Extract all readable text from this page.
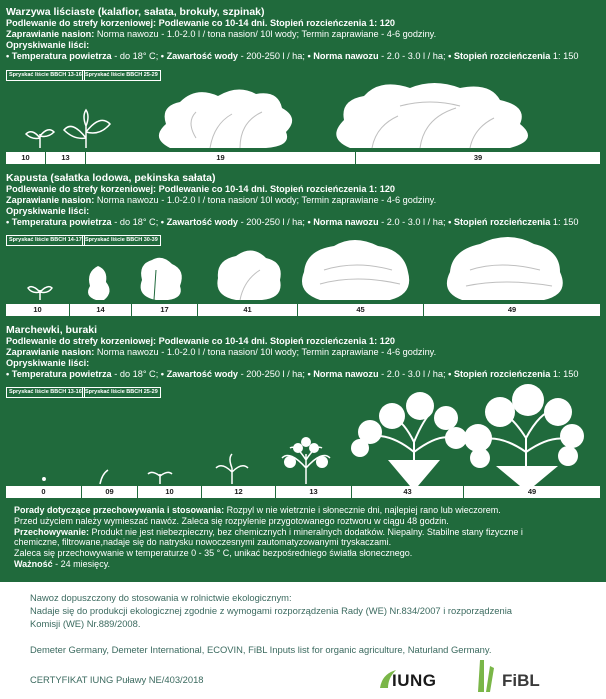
Warzywa liściaste (kalafior, sałata, brokuły, szpinak)
Podlewanie do strefy korzeniowej: Podlewanie co 10-14 dni. Stopień rozcieńczenia 1: 120
Zaprawianie nasion: Norma nawozu - 1.0-2.0 l / tona nasion/ 10l wody; Termin zaprawiane - 4-6 godziny.
Opryskiwanie liści:
• Temperatura powietrza - do 18° C; • Zawartość wody - 200-250 l / ha; • Norma nawozu - 2.0 - 3.0 l / ha; • Stopień rozcieńczenia 1: 150
Spryskać liście BBCH 13-16 Spryskać liście BBCH 25-29
10	13	19	39
Kapusta (sałatka lodowa, pekinska sałata)
Podlewanie do strefy korzeniowej: Podlewanie co 10-14 dni. Stopień rozcieńczenia 1: 120
Zaprawianie nasion: Norma nawozu - 1.0-2.0 l / tona nasion/ 10l wody; Termin zaprawiane - 4-6 godziny.
Opryskiwanie liści:
• Temperatura powietrza - do 18° C; • Zawartość wody - 200-250 l / ha; • Norma nawozu - 2.0 - 3.0 l / ha; • Stopień rozcieńczenia 1: 150
Spryskać liście BBCH 14-17 Spryskać liście BBCH 30-39
10	14	17	41	45	49
Marchewki, buraki
Podlewanie do strefy korzeniowej: Podlewanie co 10-14 dni. Stopień rozcieńczenia 1: 120
Zaprawianie nasion: Norma nawozu - 1.0-2.0 l / tona nasion/ 10l wody; Termin zaprawiane - 4-6 godziny.
Opryskiwanie liści:
• Temperatura powietrza - do 18° C; • Zawartość wody - 200-250 l / ha; • Norma nawozu - 2.0 - 3.0 l / ha; • Stopień rozcieńczenia 1: 150
Spryskać liście BBCH 13-16 Spryskać liście BBCH 25-29
0	09	10	12	13	43	49
Porady dotyczące przechowywania i stosowania: Rozpyl w nie wietrznie i słonecznie dni, najlepiej rano lub wieczorem.
Przed użyciem należy wymieszać nawóz. Zaleca się rozpylenie przygotowanego roztworu w ciągu 48 godzin.
Przechowywanie: Produkt nie jest niebezpieczny, bez chemicznych i mineralnych dodatków. Niepalny. Stabilne stany fizyczne i
chemiczne, filtrowane,nadaje się do natrysku nowoczesnymi zautomatyzowanymi tryskaczami.
Zaleca się przechowywanie w temperaturze 0 - 35 ° C, unikać bezpośredniego światła słonecznego.
Ważność - 24 miesięcy.
Nawoz dopuszczony do stosowania w rolnictwie ekologicznym:
Nadaje się do produkcji ekologicznej zgodnie z wymogami rozporządzenia Rady (WE) Nr.834/2007 i rozporządzenia
Komisji (WE) Nr.889/2008.
Demeter Germany, Demeter International, ECOVIN, FiBL Inputs list for organic agriculture, Naturland Germany.
CERTYFIKAT IUNG Puławy NE/403/2018	IUNG	FiBL
